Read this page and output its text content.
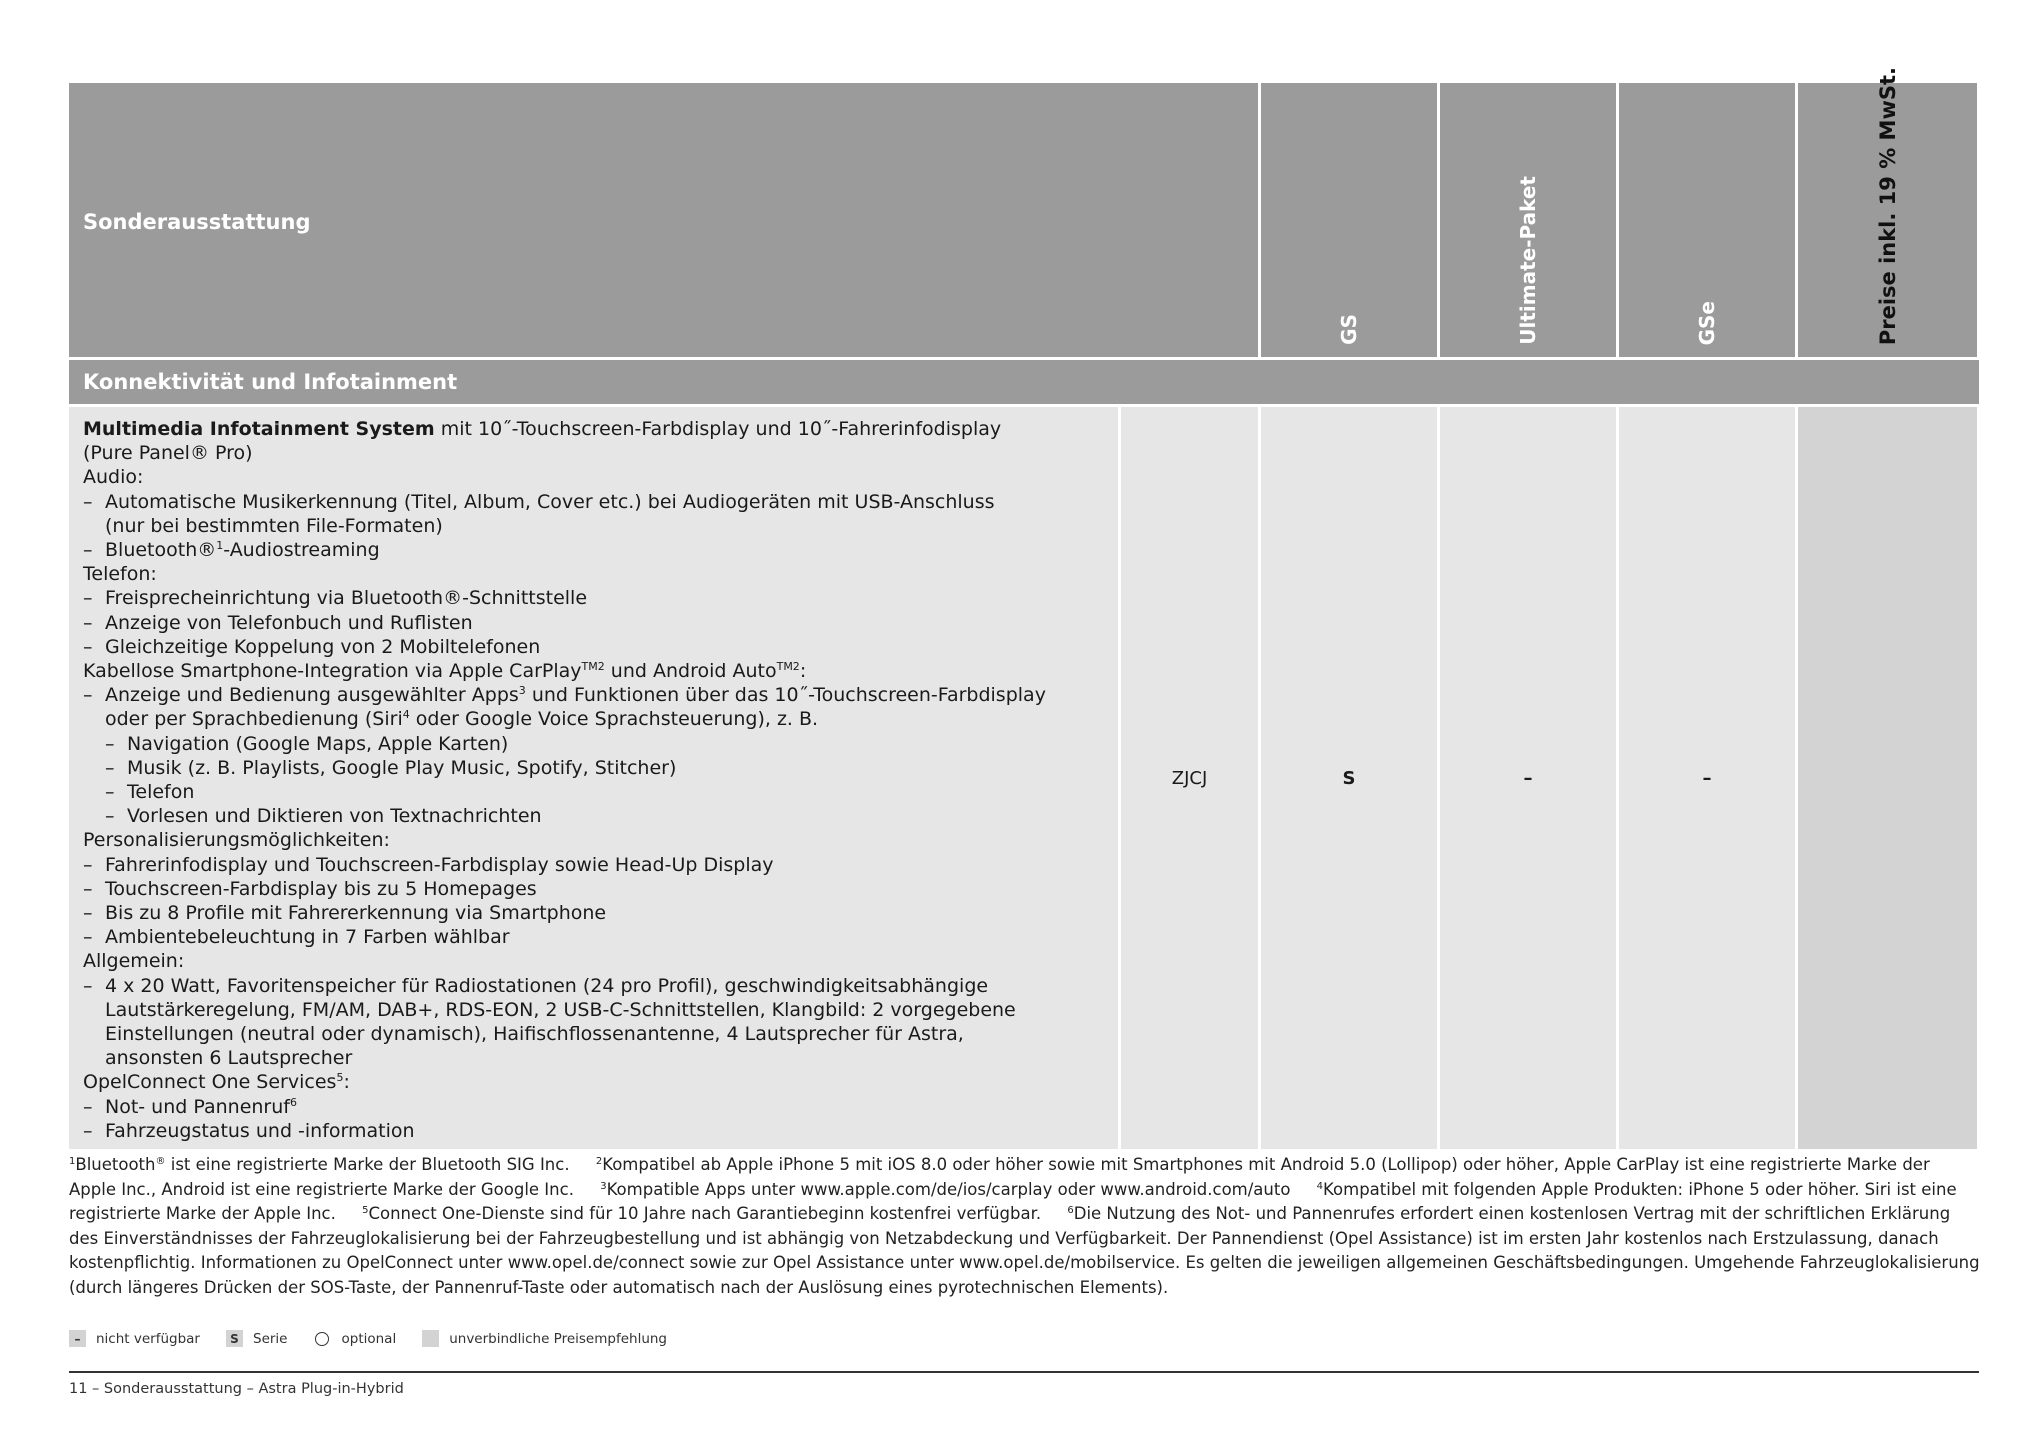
Sonderausstattung
GS	Ultimate-Paket	GSe	Preise inkl. 19 % MwSt.
Konnektivität und Infotainment
Multimedia Infotainment System mit 10˝-Touchscreen-Farbdisplay und 10˝-Fahrerinfodisplay
(Pure Panel® Pro)
Audio:
– Automatische Musikerkennung (Titel, Album, Cover etc.) bei Audiogeräten mit USB-Anschluss
(nur bei bestimmten File-Formaten)
– Bluetooth®$^1$-Audiostreaming
Telefon:
– Freisprecheinrichtung via Bluetooth®-Schnittstelle
– Anzeige von Telefonbuch und Ruflisten
– Gleichzeitige Koppelung von 2 Mobiltelefonen
Kabellose Smartphone-Integration via Apple CarPlay$^{TM2}$ und Android Auto$^{TM2}$:
– Anzeige und Bedienung ausgewählter Apps$^3$ und Funktionen über das 10˝-Touchscreen-Farbdisplay
oder per Sprachbedienung (Siri$^4$ oder Google Voice Sprachsteuerung), z. B.
– Navigation (Google Maps, Apple Karten)
– Musik (z. B. Playlists, Google Play Music, Spotify, Stitcher)
– Telefon
– Vorlesen und Diktieren von Textnachrichten
Personalisierungsmöglichkeiten:
– Fahrerinfodisplay und Touchscreen-Farbdisplay sowie Head-Up Display
– Touchscreen-Farbdisplay bis zu 5 Homepages
– Bis zu 8 Profile mit Fahrererkennung via Smartphone
– Ambientebeleuchtung in 7 Farben wählbar
Allgemein:
– 4 x 20 Watt, Favoritenspeicher für Radiostationen (24 pro Profil), geschwindigkeitsabhängige
Lautstärkeregelung, FM/AM, DAB+, RDS-EON, 2 USB-C-Schnittstellen, Klangbild: 2 vorgegebene
Einstellungen (neutral oder dynamisch), Haifischflossenantenne, 4 Lautsprecher für Astra,
ansonsten 6 Lautsprecher
OpelConnect One Services$^5$:
– Not- und Pannenruf$^6$
– Fahrzeugstatus und -information
ZJCJ	S	–	–
$^1$Bluetooth® ist eine registrierte Marke der Bluetooth SIG Inc.	$^2$Kompatibel ab Apple iPhone 5 mit iOS 8.0 oder höher sowie mit Smartphones mit Android 5.0 (Lollipop) oder höher, Apple CarPlay ist eine registrierte Marke der Apple Inc., Android ist eine registrierte Marke der Google Inc.	$^3$Kompatible Apps unter www.apple.com/de/ios/carplay oder www.android.com/auto	$^4$Kompatibel mit folgenden Apple Produkten: iPhone 5 oder höher. Siri ist eine registrierte Marke der Apple Inc.	$^5$Connect One-Dienste sind für 10 Jahre nach Garantiebeginn kostenfrei verfügbar.	$^6$Die Nutzung des Not- und Pannenrufes erfordert einen kostenlosen Vertrag mit der schriftlichen Erklärung des Einverständnisses der Fahrzeuglokalisierung bei der Fahrzeugbestellung und ist abhängig von Netzabdeckung und Verfügbarkeit. Der Pannendienst (Opel Assistance) ist im ersten Jahr kostenlos nach Erstzulassung, danach kostenpflichtig. Informationen zu OpelConnect unter www.opel.de/connect sowie zur Opel Assistance unter www.opel.de/mobilservice. Es gelten die jeweiligen allgemeinen Geschäftsbedingungen. Umgehende Fahrzeuglokalisierung (durch längeres Drücken der SOS-Taste, der Pannenruf-Taste oder automatisch nach der Auslösung eines pyrotechnischen Elements).
–	nicht verfügbar	S	Serie	optional	unverbindliche Preisempfehlung
11 – Sonderausstattung – Astra Plug-in-Hybrid
